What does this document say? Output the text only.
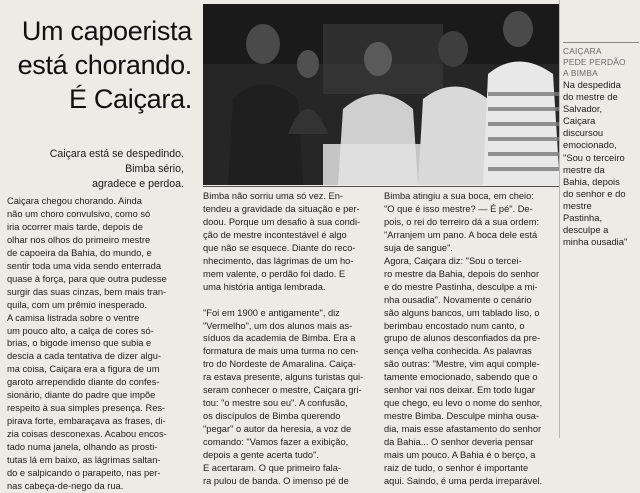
Um capoerista
está chorando.
É Caiçara.
Caiçara está se despedindo.
Bimba sério,
agradece e perdoa.
Caiçara chegou chorando. Ainda
não um choro convulsivo, como só
iria ocorrer mais tarde, depois de
olhar nos olhos do primeiro mestre
de capoeira da Bahia, do mundo, e
sentir toda uma vida sendo enterrada
quase à força, para que outra pudesse
surgir das suas cinzas, bem mais tran-
quila, com um prêmio inesperado.
A camisa listrada sobre o ventre
um pouco alto, a calça de cores só-
brias, o bigode imenso que subia e
descia a cada tentativa de dizer algu-
ma coisa, Caiçara era a figura de um
garoto arrependido diante do confes-
sionário, diante do padre que impõe
respeito à sua simples presença. Res-
pirava forte, embaraçava as frases, di-
zia coisas desconexas. Acabou encos-
tado numa janela, olhando as prosti-
tutas lá em baixo, as lágrimas saltan-
do e salpicando o parapeito, nas per-
nas cabeça-de-nego da rua.
Bimba não sorriu uma só vez. En-
tendeu a gravidade da situação e per-
doou. Porque um desafio à sua condi-
ção de mestre incontestável é algo
que não se esquece. Diante do reco-
nhecimento, das lágrimas de um ho-
mem valente, o perdão foi dado. E
uma história antiga lembrada.

"Foi em 1900 e antigamente", diz
"Vermelho", um dos alunos mais as-
síduos da academia de Bimba. Era a
formatura de mais uma turma no cen-
tro do Nordeste de Amaralina. Caiça-
ra estava presente, alguns turistas qui-
seram conhecer o mestre, Caiçara gri-
tou: "o mestre sou eu". A confusão,
os discípulos de Bimba querendo
"pegar" o autor da heresia, a voz de
comando: "Vamos fazer a exibição,
depois a gente acerta tudo".
E acertaram. O que primeiro fala-
ra pulou de banda. O imenso pé de
Bimba atingiu a sua boca, em cheio:
"O que é isso mestre? — É pé". De-
pois, o rei do terreiro dá a sua ordem:
"Arranjem um pano. A boca dele está
suja de sangue".
Agora, Caiçara diz: "Sou o tercei-
ro mestre da Bahia, depois do senhor
e do mestre Pastinha, desculpe a mi-
nha ousadia". Novamente o cenário
são alguns bancos, um tablado liso, o
berimbau encostado num canto, o
grupo de alunos desconfiados da pre-
sença velha conhecida. As palavras
são outras: "Mestre, vim aqui comple-
tamente emocionado, sabendo que o
senhor vai nos deixar. Em todo lugar
que chego, eu levo o nome do senhor,
mestre Bimba. Desculpe minha ousa-
dia, mais esse afastamento do senhor
da Bahia... O senhor deveria pensar
mais um pouco. A Bahia é o berço, a
raiz de tudo, o senhor é importante
aqui. Saindo, é uma perda irreparável.
CAIÇARA
PEDE PERDÃO
A BIMBA
Na despedida
do mestre de
Salvador,
Caiçara
discursou
emocionado,
"Sou o terceiro
mestre da
Bahia, depois
do senhor e do
mestre
Pastinha,
desculpe a
minha ousadia"
